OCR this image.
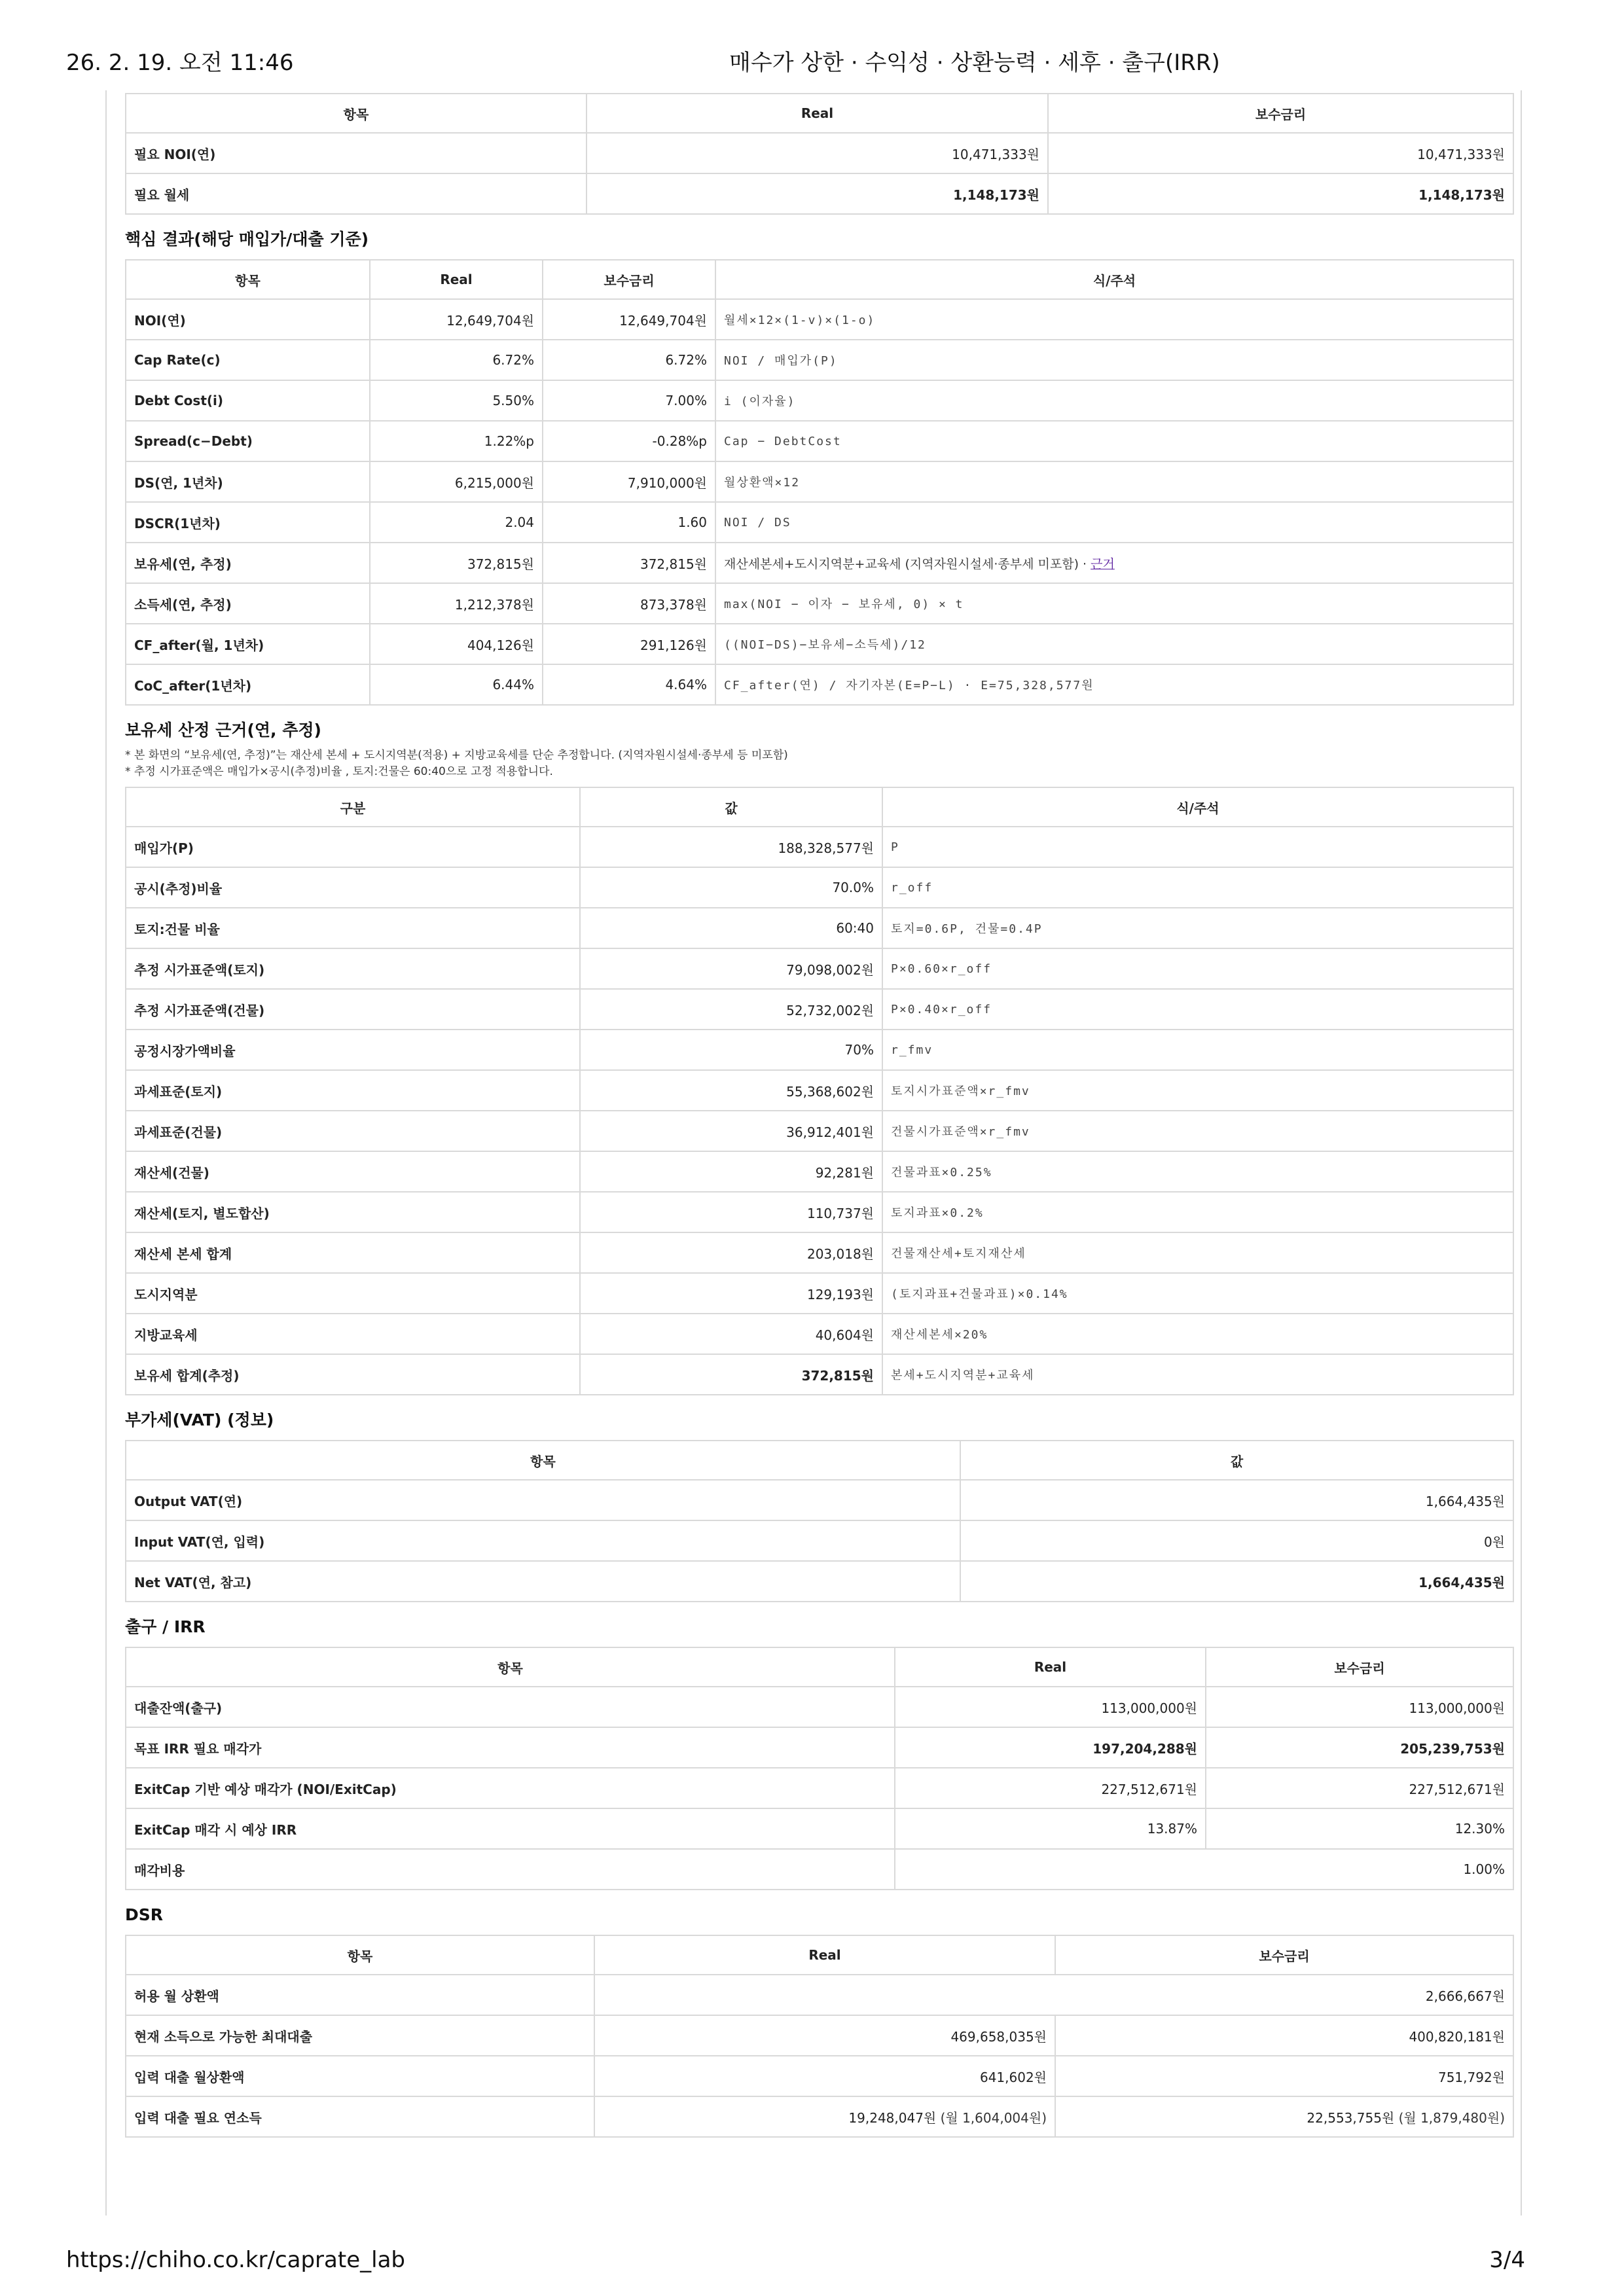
26. 2. 19. 오전 11:46	매수가 상한 · 수익성 · 상환능력 · 세후 · 출구(IRR)
항목	Real	보수금리
필요 NOI(연)	10,471,333원	10,471,333원
필요 월세	1,148,173원	1,148,173원
핵심 결과(해당 매입가/대출 기준)
항목	Real	보수금리	식/주석
NOI(연)	12,649,704원	12,649,704원	월세×12×(1-v)×(1-o)
Cap Rate(c)	6.72%	6.72%	NOI / 매입가(P)
Debt Cost(i)	5.50%	7.00%	i (이자율)
Spread(c−Debt)	1.22%p	-0.28%p	Cap − DebtCost
DS(연, 1년차)	6,215,000원	7,910,000원	월상환액×12
DSCR(1년차)	2.04	1.60	NOI / DS
보유세(연, 추정)	372,815원	372,815원	재산세본세+도시지역분+교육세 (지역자원시설세·종부세 미포함) · 근거
소득세(연, 추정)	1,212,378원	873,378원	max(NOI − 이자 − 보유세, 0) × t
CF_after(월, 1년차)	404,126원	291,126원	((NOI−DS)−보유세−소득세)/12
CoC_after(1년차)	6.44%	4.64%	CF_after(연) / 자기자본(E=P−L) · E=75,328,577원
보유세 산정 근거(연, 추정)
* 본 화면의 “보유세(연, 추정)”는 재산세 본세 + 도시지역분(적용) + 지방교육세를 단순 추정합니다. (지역자원시설세·종부세 등 미포함)
* 추정 시가표준액은 매입가×공시(추정)비율 , 토지:건물은 60:40으로 고정 적용합니다.
구분	값	식/주석
매입가(P)	188,328,577원	P
공시(추정)비율	70.0%	r_off
토지:건물 비율	60:40	토지=0.6P, 건물=0.4P
추정 시가표준액(토지)	79,098,002원	P×0.60×r_off
추정 시가표준액(건물)	52,732,002원	P×0.40×r_off
공정시장가액비율	70%	r_fmv
과세표준(토지)	55,368,602원	토지시가표준액×r_fmv
과세표준(건물)	36,912,401원	건물시가표준액×r_fmv
재산세(건물)	92,281원	건물과표×0.25%
재산세(토지, 별도합산)	110,737원	토지과표×0.2%
재산세 본세 합계	203,018원	건물재산세+토지재산세
도시지역분	129,193원	(토지과표+건물과표)×0.14%
지방교육세	40,604원	재산세본세×20%
보유세 합계(추정)	372,815원	본세+도시지역분+교육세
부가세(VAT) (정보)
항목	값
Output VAT(연)	1,664,435원
Input VAT(연, 입력)	0원
Net VAT(연, 참고)	1,664,435원
출구 / IRR
항목	Real	보수금리
대출잔액(출구)	113,000,000원	113,000,000원
목표 IRR 필요 매각가	197,204,288원	205,239,753원
ExitCap 기반 예상 매각가 (NOI/ExitCap)	227,512,671원	227,512,671원
ExitCap 매각 시 예상 IRR	13.87%	12.30%
매각비용	1.00%	
DSR
항목	Real	보수금리
허용 월 상환액	2,666,667원	
현재 소득으로 가능한 최대대출	469,658,035원	400,820,181원
입력 대출 월상환액	641,602원	751,792원
입력 대출 필요 연소득	19,248,047원 (월 1,604,004원)	22,553,755원 (월 1,879,480원)
https://chiho.co.kr/caprate_lab	3/4
